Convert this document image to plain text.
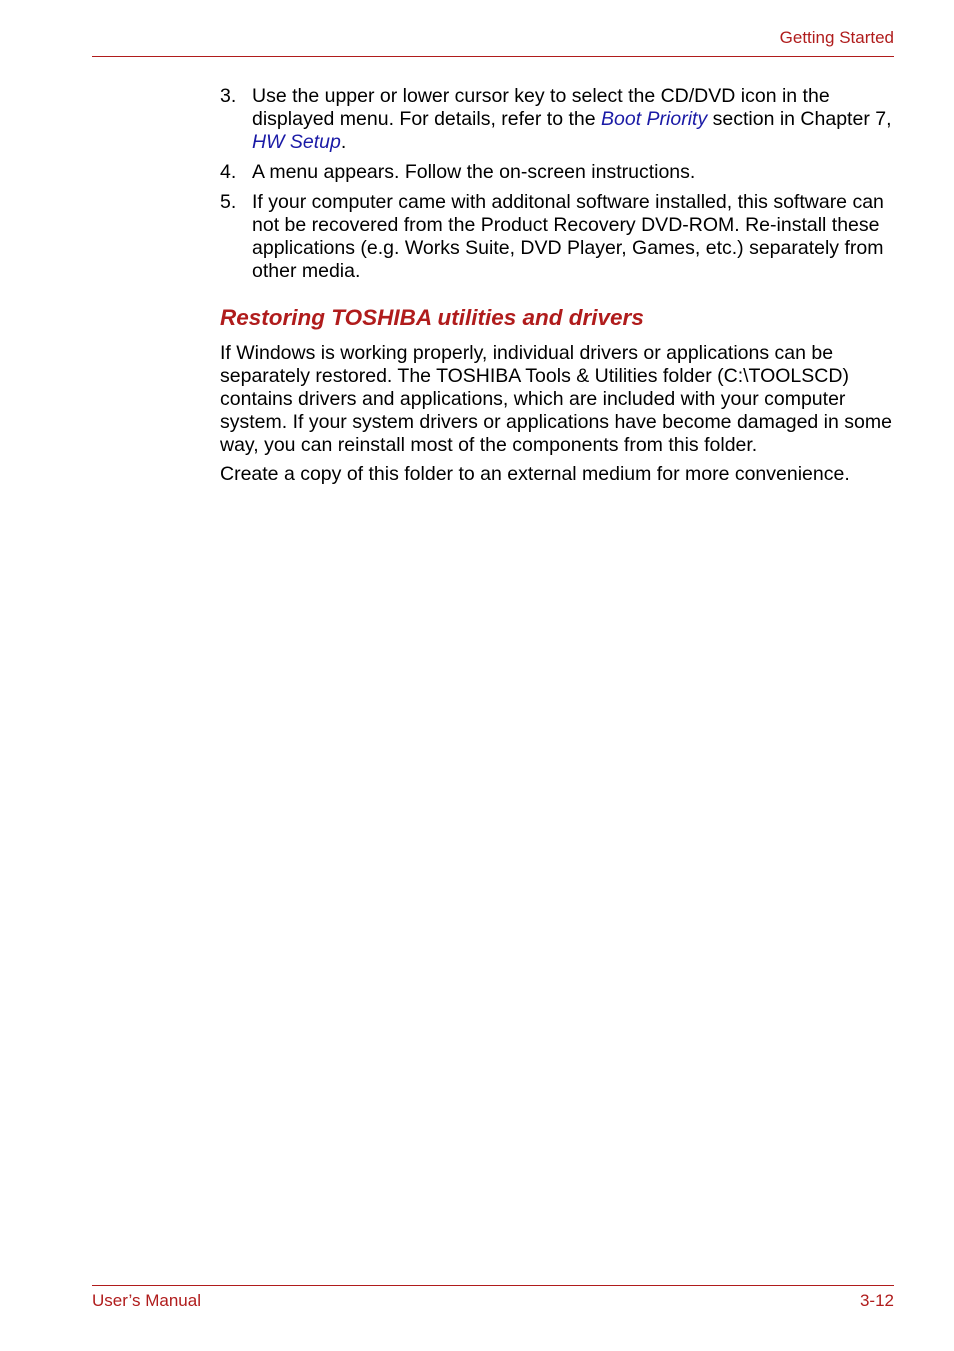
Getting Started
3. Use the upper or lower cursor key to select the CD/DVD icon in the displayed menu. For details, refer to the Boot Priority section in Chapter 7, HW Setup.
4. A menu appears. Follow the on-screen instructions.
5. If your computer came with additonal software installed, this software can not be recovered from the Product Recovery DVD-ROM. Re-install these applications (e.g. Works Suite, DVD Player, Games, etc.) separately from other media.
Restoring TOSHIBA utilities and drivers

If Windows is working properly, individual drivers or applications can be separately restored. The TOSHIBA Tools & Utilities folder (C:\TOOLSCD) contains drivers and applications, which are included with your computer system. If your system drivers or applications have become damaged in some way, you can reinstall most of the components from this folder.

Create a copy of this folder to an external medium for more convenience.

User’s Manual	3-12
